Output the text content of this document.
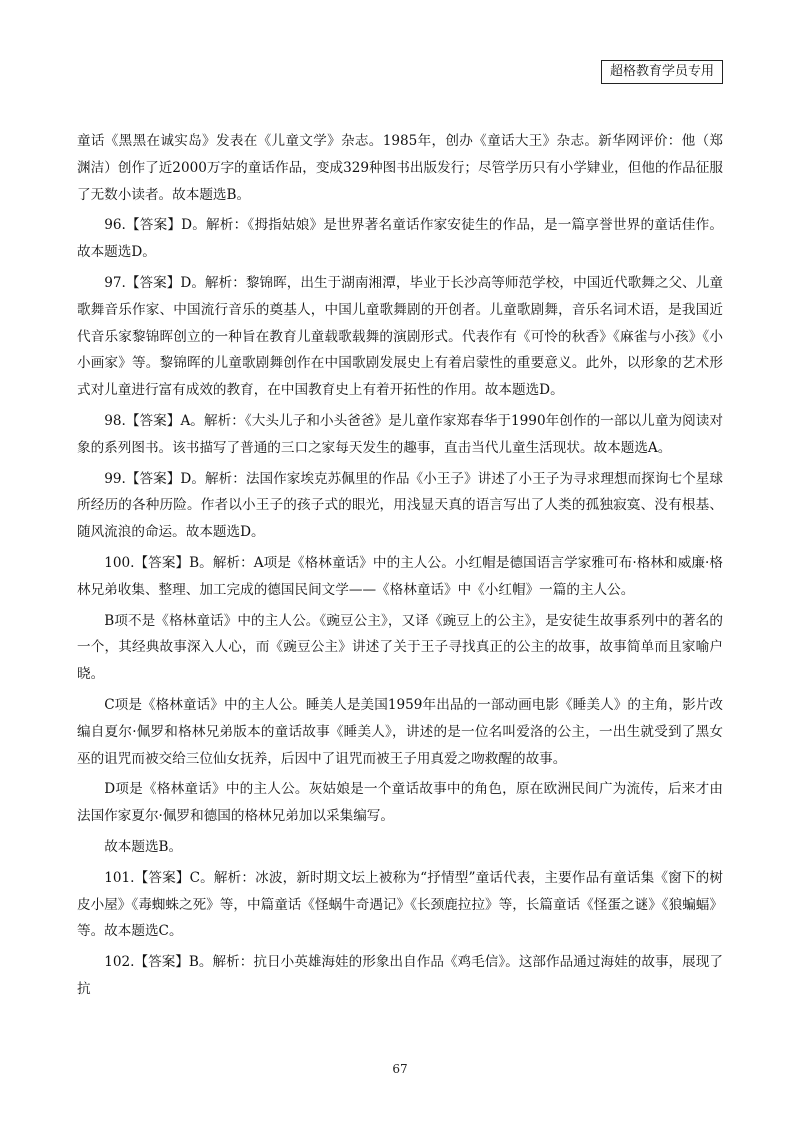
超格教育学员专用

童话《黑黑在诚实岛》发表在《儿童文学》杂志。1985年，创办《童话大王》杂志。新华网评价：他（郑渊洁）创作了近2000万字的童话作品，变成329种图书出版发行；尽管学历只有小学肄业，但他的作品征服了无数小读者。故本题选B。

96.【答案】D。解析：《拇指姑娘》是世界著名童话作家安徒生的作品，是一篇享誉世界的童话佳作。故本题选D。

97.【答案】D。解析：黎锦晖，出生于湖南湘潭，毕业于长沙高等师范学校，中国近代歌舞之父、儿童歌舞音乐作家、中国流行音乐的奠基人，中国儿童歌舞剧的开创者。儿童歌剧舞，音乐名词术语，是我国近代音乐家黎锦晖创立的一种旨在教育儿童载歌载舞的演剧形式。代表作有《可怜的秋香》《麻雀与小孩》《小小画家》等。黎锦晖的儿童歌剧舞创作在中国歌剧发展史上有着启蒙性的重要意义。此外，以形象的艺术形式对儿童进行富有成效的教育，在中国教育史上有着开拓性的作用。故本题选D。

98.【答案】A。解析：《大头儿子和小头爸爸》是儿童作家郑春华于1990年创作的一部以儿童为阅读对象的系列图书。该书描写了普通的三口之家每天发生的趣事，直击当代儿童生活现状。故本题选A。

99.【答案】D。解析：法国作家埃克苏佩里的作品《小王子》讲述了小王子为寻求理想而探询七个星球所经历的各种历险。作者以小王子的孩子式的眼光，用浅显天真的语言写出了人类的孤独寂寞、没有根基、随风流浪的命运。故本题选D。

100.【答案】B。解析：A项是《格林童话》中的主人公。小红帽是德国语言学家雅可布·格林和威廉·格林兄弟收集、整理、加工完成的德国民间文学——《格林童话》中《小红帽》一篇的主人公。

B项不是《格林童话》中的主人公。《豌豆公主》，又译《豌豆上的公主》，是安徒生故事系列中的著名的一个，其经典故事深入人心，而《豌豆公主》讲述了关于王子寻找真正的公主的故事，故事简单而且家喻户晓。

C项是《格林童话》中的主人公。睡美人是美国1959年出品的一部动画电影《睡美人》的主角，影片改编自夏尔·佩罗和格林兄弟版本的童话故事《睡美人》，讲述的是一位名叫爱洛的公主，一出生就受到了黑女巫的诅咒而被交给三位仙女抚养，后因中了诅咒而被王子用真爱之吻救醒的故事。

D项是《格林童话》中的主人公。灰姑娘是一个童话故事中的角色，原在欧洲民间广为流传，后来才由法国作家夏尔·佩罗和德国的格林兄弟加以采集编写。

故本题选B。

101.【答案】C。解析：冰波，新时期文坛上被称为“抒情型”童话代表，主要作品有童话集《窗下的树皮小屋》《毒蜘蛛之死》等，中篇童话《怪蜗牛奇遇记》《长颈鹿拉拉》等，长篇童话《怪蛋之谜》《狼蝙蝠》等。故本题选C。

102.【答案】B。解析：抗日小英雄海娃的形象出自作品《鸡毛信》。这部作品通过海娃的故事，展现了抗

67
